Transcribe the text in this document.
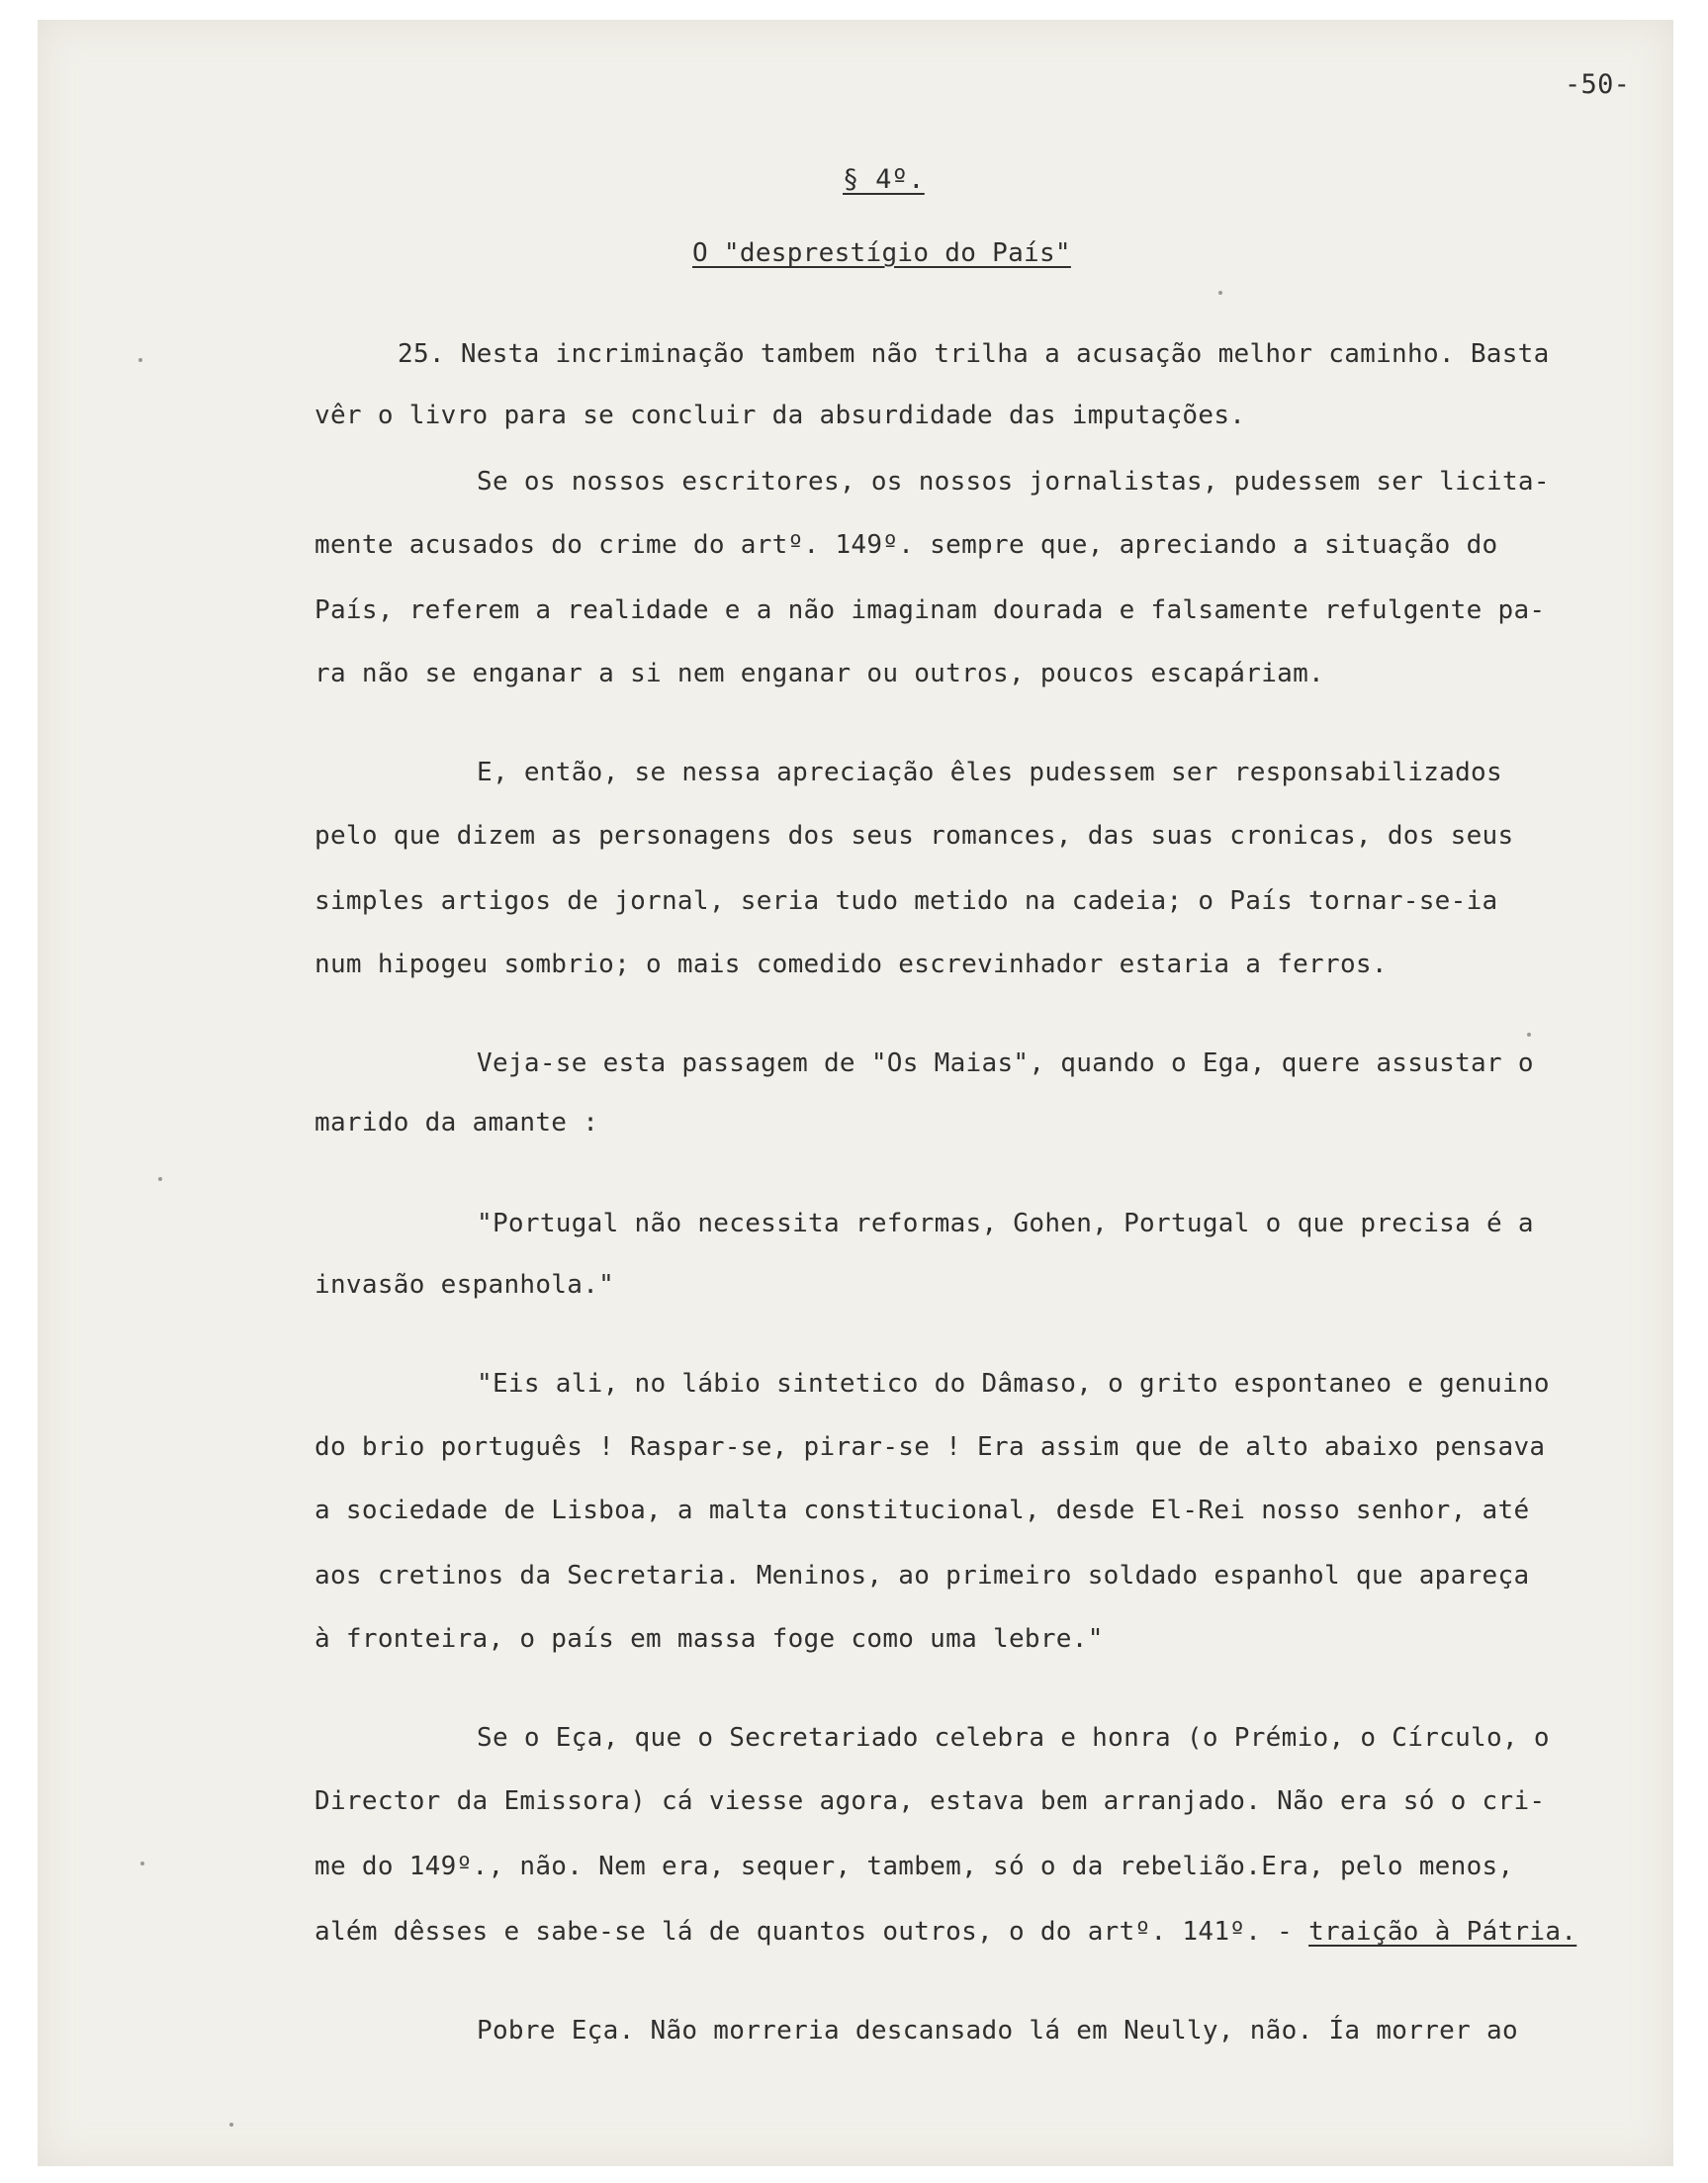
-50-

§ 4º.

O "desprestígio do País"

25. Nesta incriminação tambem não trilha a acusação melhor caminho. Basta

vêr o livro para se concluir da absurdidade das imputações.

Se os nossos escritores, os nossos jornalistas, pudessem ser licita-

mente acusados do crime do artº. 149º. sempre que, apreciando a situação do

País, referem a realidade e a não imaginam dourada e falsamente refulgente pa-

ra não se enganar a si nem enganar ou outros, poucos escapáriam.

E, então, se nessa apreciação êles pudessem ser responsabilizados

pelo que dizem as personagens dos seus romances, das suas cronicas, dos seus

simples artigos de jornal, seria tudo metido na cadeia; o País tornar-se-ia

num hipogeu sombrio; o mais comedido escrevinhador estaria a ferros.

Veja-se esta passagem de "Os Maias", quando o Ega, quere assustar o

marido da amante :

"Portugal não necessita reformas, Gohen, Portugal o que precisa é a

invasão espanhola."

"Eis ali, no lábio sintetico do Dâmaso, o grito espontaneo e genuino

do brio português ! Raspar-se, pirar-se ! Era assim que de alto abaixo pensava

a sociedade de Lisboa, a malta constitucional, desde El-Rei nosso senhor, até

aos cretinos da Secretaria. Meninos, ao primeiro soldado espanhol que apareça

à fronteira, o país em massa foge como uma lebre."

Se o Eça, que o Secretariado celebra e honra (o Prémio, o Círculo, o

Director da Emissora) cá viesse agora, estava bem arranjado. Não era só o cri-

me do 149º., não. Nem era, sequer, tambem, só o da rebelião.Era, pelo menos,

além dêsses e sabe-se lá de quantos outros, o do artº. 141º. - traição à Pátria.

Pobre Eça. Não morreria descansado lá em Neully, não. Ía morrer ao
